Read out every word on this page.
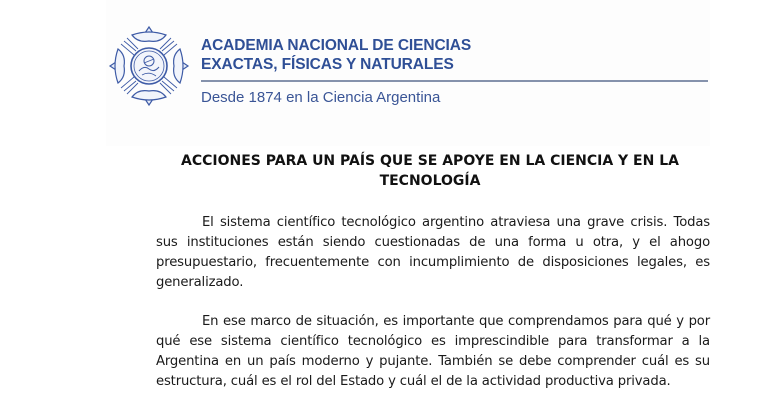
ACADEMIA NACIONAL DE CIENCIAS
EXACTAS, FÍSICAS Y NATURALES
Desde 1874 en la Ciencia Argentina
ACCIONES PARA UN PAÍS QUE SE APOYE EN LA CIENCIA Y EN LA
TECNOLOGÍA
El sistema científico tecnológico argentino atraviesa una grave crisis. Todas
sus instituciones están siendo cuestionadas de una forma u otra, y el ahogo
presupuestario, frecuentemente con incumplimiento de disposiciones legales, es
generalizado.
En ese marco de situación, es importante que comprendamos para qué y por
qué ese sistema científico tecnológico es imprescindible para transformar a la
Argentina en un país moderno y pujante. También se debe comprender cuál es su
estructura, cuál es el rol del Estado y cuál el de la actividad productiva privada.
